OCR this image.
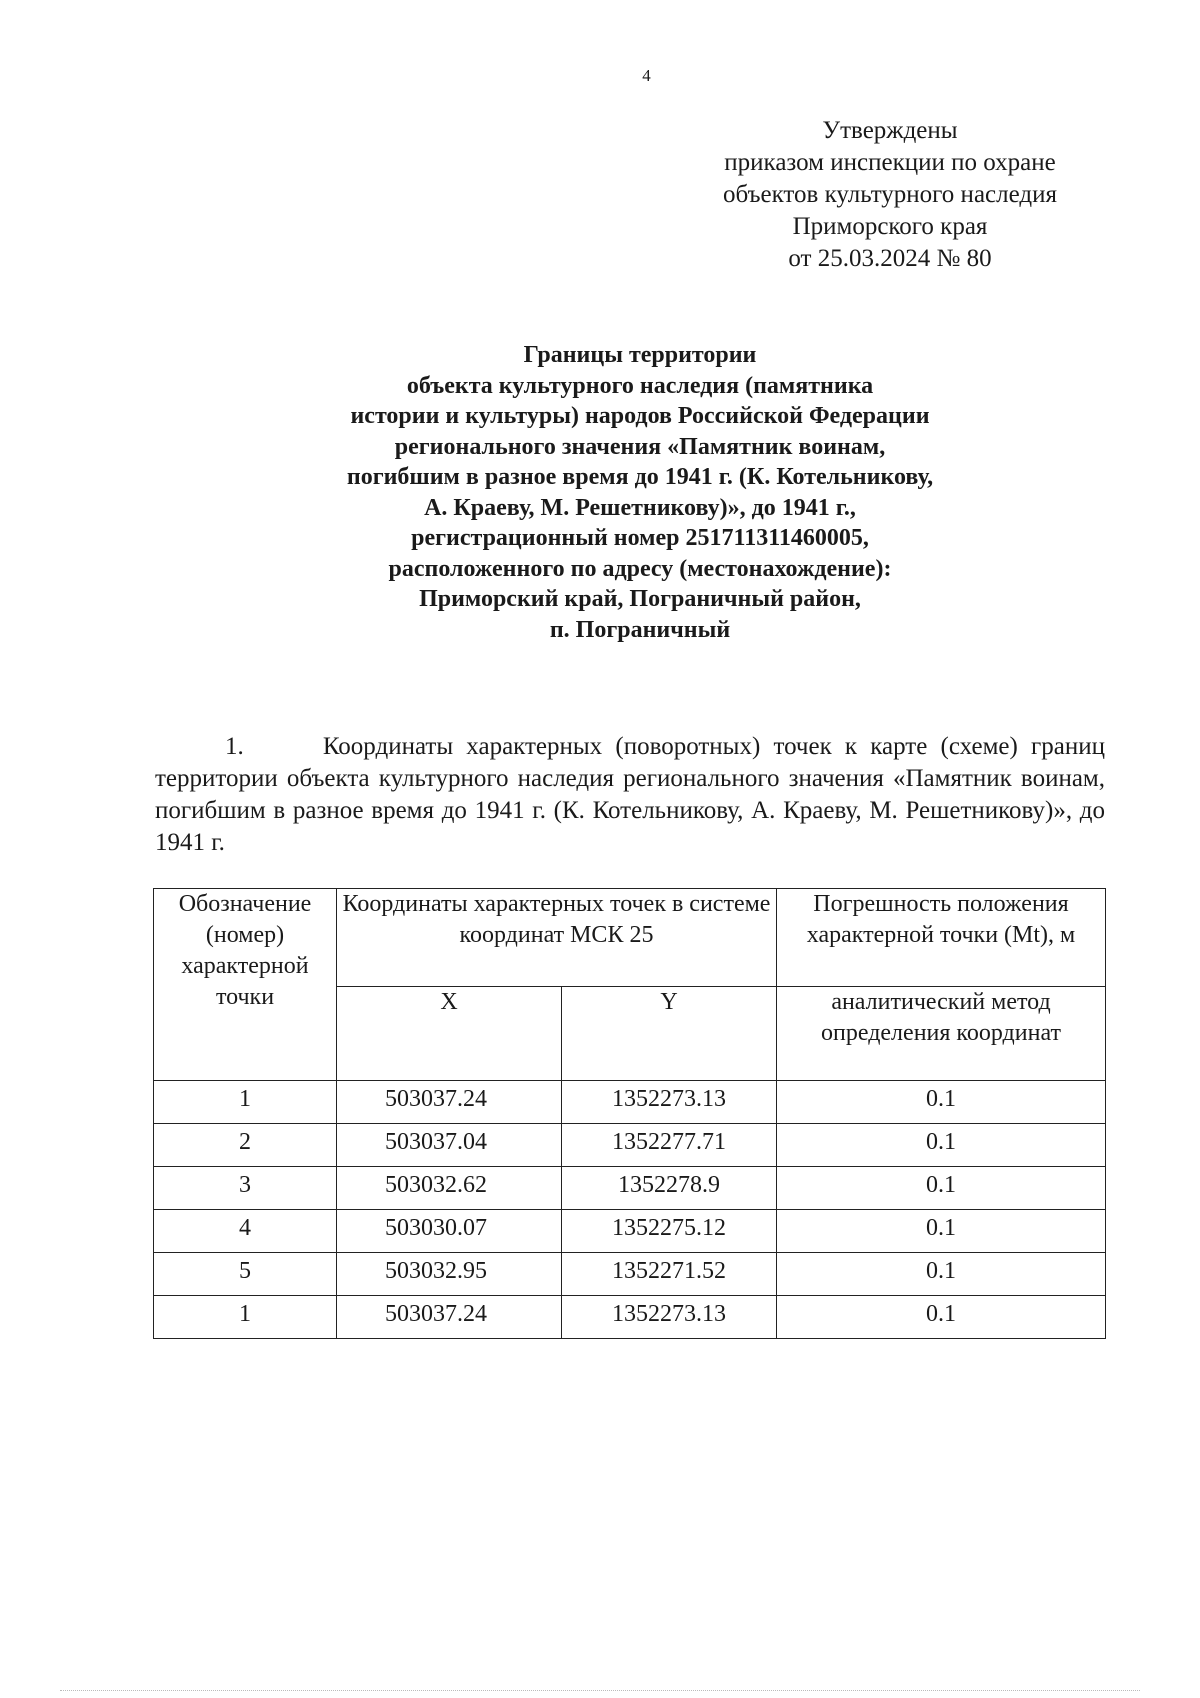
4
Утверждены
приказом инспекции по охране
объектов культурного наследия
Приморского края
от 25.03.2024 № 80
Границы территории
объекта культурного наследия (памятника
истории и культуры) народов Российской Федерации
регионального значения «Памятник воинам,
погибшим в разное время до 1941 г. (К. Котельникову,
А. Краеву, М. Решетникову)», до 1941 г.,
регистрационный номер 251711311460005,
расположенного по адресу (местонахождение):
Приморский край, Пограничный район,
п. Пограничный
1.      Координаты характерных (поворотных) точек к карте (схеме) границ территории объекта культурного наследия регионального значения «Памятник воинам, погибшим в разное время до 1941 г. (К. Котельникову, А. Краеву, М. Решетникову)», до 1941 г.
Обозначение (номер) характерной точки	Координаты характерных точек в системе координат МСК 25		Погрешность положения характерной точки (Mt), м
	X	Y	аналитический метод определения координат
1	503037.24	1352273.13	0.1
2	503037.04	1352277.71	0.1
3	503032.62	1352278.9	0.1
4	503030.07	1352275.12	0.1
5	503032.95	1352271.52	0.1
1	503037.24	1352273.13	0.1
